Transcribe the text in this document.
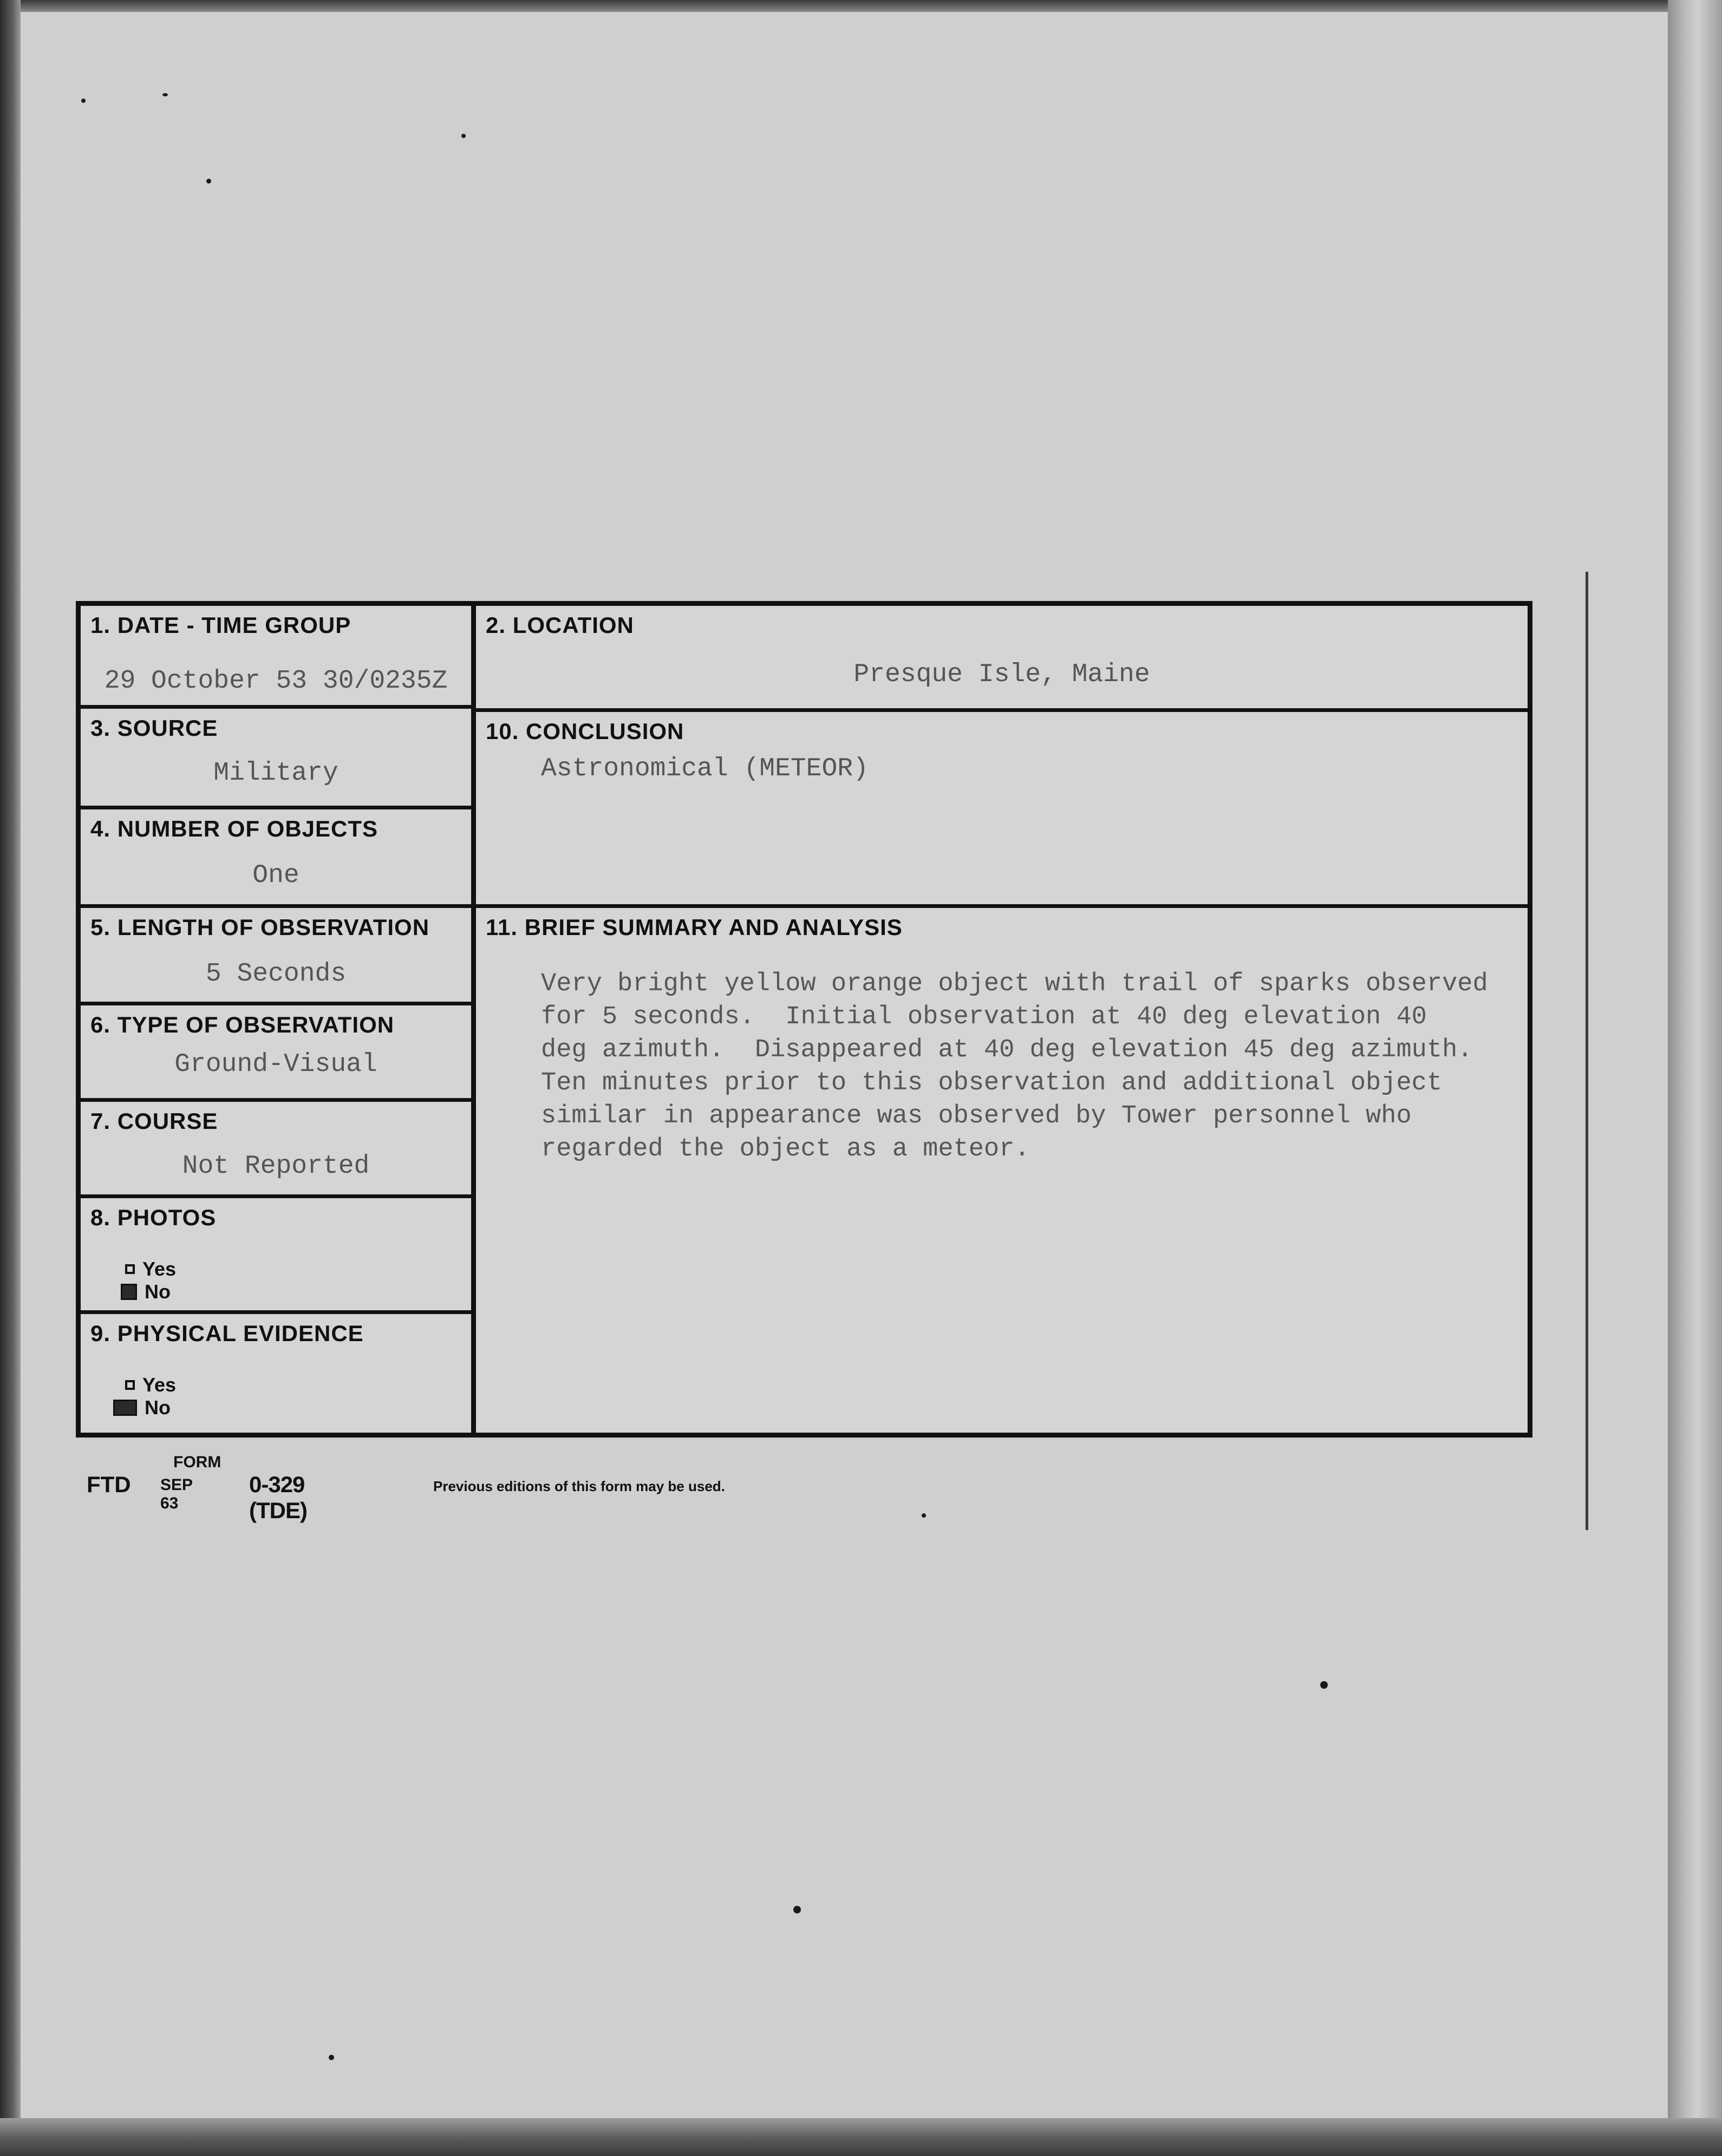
1. DATE - TIME GROUP
29 October 53 30/0235Z
3. SOURCE
Military
4. NUMBER OF OBJECTS
One
5. LENGTH OF OBSERVATION
5 Seconds
6. TYPE OF OBSERVATION
Ground-Visual
7. COURSE
Not Reported
8. PHOTOS
Yes
No
9. PHYSICAL EVIDENCE
Yes
No
2. LOCATION
Presque Isle, Maine
10. CONCLUSION
Astronomical (METEOR)
11. BRIEF SUMMARY AND ANALYSIS
Very bright yellow orange object with trail of sparks observed
for 5 seconds.  Initial observation at 40 deg elevation 40
deg azimuth.  Disappeared at 40 deg elevation 45 deg azimuth.
Ten minutes prior to this observation and additional object
similar in appearance was observed by Tower personnel who
regarded the object as a meteor.
FORM
FTD SEP 63
0-329 (TDE)
Previous editions of this form may be used.
